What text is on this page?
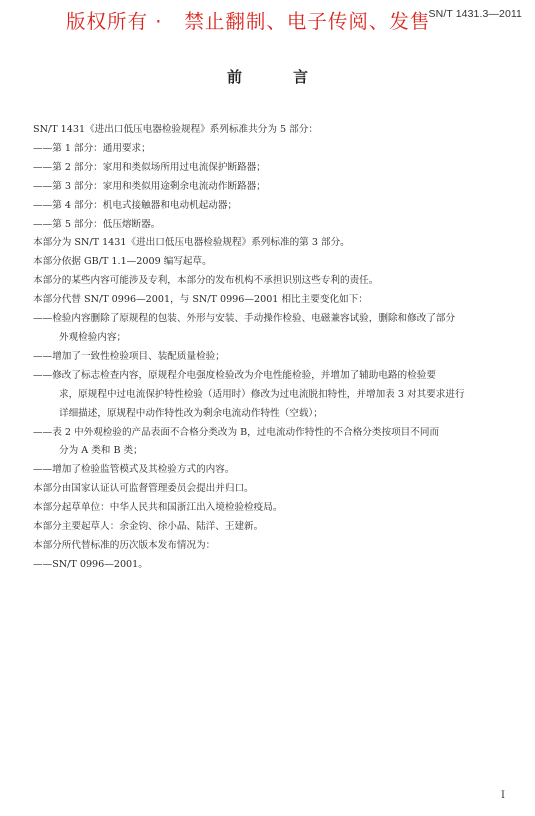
版权所有 · 禁止翻制、电子传阅、发售
SN/T 1431.3—2011
前　言
SN/T 1431《进出口低压电器检验规程》系列标准共分为 5 部分：
——第 1 部分：通用要求；
——第 2 部分：家用和类似场所用过电流保护断路器；
——第 3 部分：家用和类似用途剩余电流动作断路器；
——第 4 部分：机电式接触器和电动机起动器；
——第 5 部分：低压熔断器。
本部分为 SN/T 1431《进出口低压电器检验规程》系列标准的第 3 部分。
本部分依据 GB/T 1.1—2009 编写起草。
本部分的某些内容可能涉及专利，本部分的发布机构不承担识别这些专利的责任。
本部分代替 SN/T 0996—2001，与 SN/T 0996—2001 相比主要变化如下：
——检验内容删除了原规程的包装、外形与安装、手动操作检验、电磁兼容试验，删除和修改了部分
外观检验内容；
——增加了一致性检验项目、装配质量检验；
——修改了标志检查内容，原规程介电强度检验改为介电性能检验，并增加了辅助电路的检验要
求，原规程中过电流保护特性检验（适用时）修改为过电流脱扣特性，并增加表 3 对其要求进行
详细描述，原规程中动作特性改为剩余电流动作特性（空载）；
——表 2 中外观检验的产品表面不合格分类改为 B，过电流动作特性的不合格分类按项目不同而
分为 A 类和 B 类；
——增加了检验监管模式及其检验方式的内容。
本部分由国家认证认可监督管理委员会提出并归口。
本部分起草单位：中华人民共和国浙江出入境检验检疫局。
本部分主要起草人：余金钧、徐小晶、陆洋、王建新。
本部分所代替标准的历次版本发布情况为：
——SN/T 0996—2001。
I
